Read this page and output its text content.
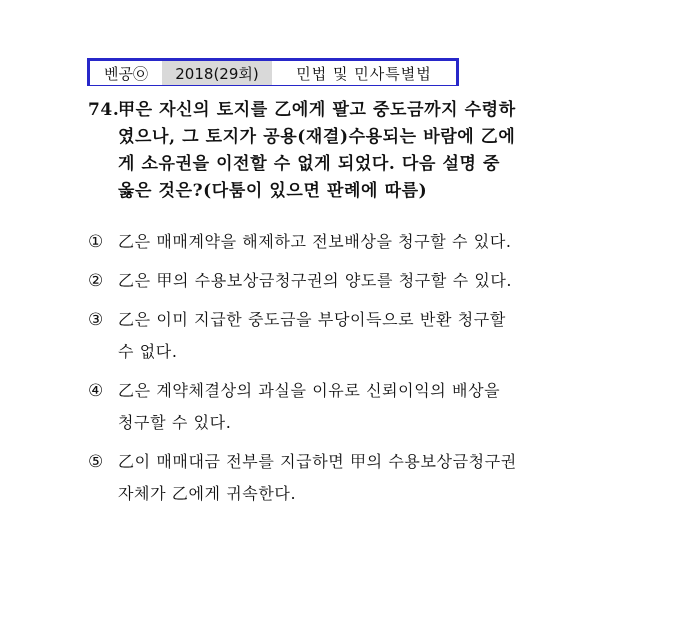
벤공㉧	2018(29회)	민법 및 민사특별법
74.甲은 자신의 토지를 乙에게 팔고 중도금까지 수령하
였으나, 그 토지가 공용(재결)수용되는 바람에 乙에
게 소유권을 이전할 수 없게 되었다. 다음 설명 중
옳은 것은?(다툼이 있으면 판례에 따름)
① 乙은 매매계약을 해제하고 전보배상을 청구할 수 있다.
② 乙은 甲의 수용보상금청구권의 양도를 청구할 수 있다.
③ 乙은 이미 지급한 중도금을 부당이득으로 반환 청구할
수 없다.
④ 乙은 계약체결상의 과실을 이유로 신뢰이익의 배상을
청구할 수 있다.
⑤ 乙이 매매대금 전부를 지급하면 甲의 수용보상금청구권
자체가 乙에게 귀속한다.
